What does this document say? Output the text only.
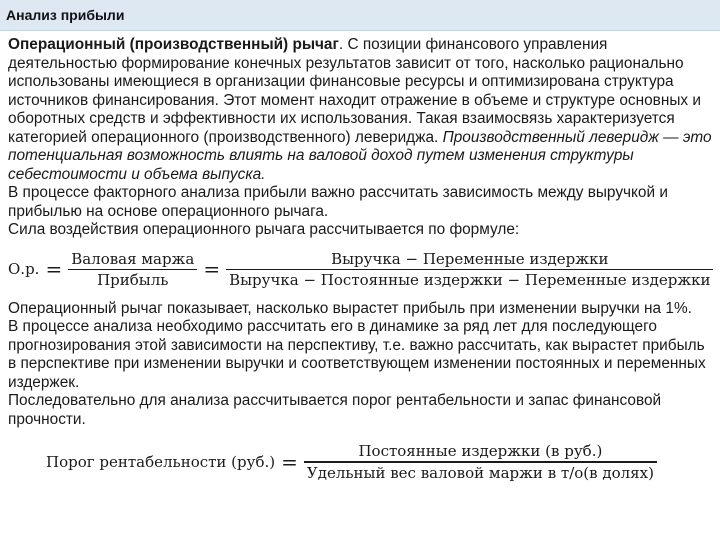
Анализ прибыли

Операционный (производственный) рычаг. С позиции финансового управления деятельностью формирование конечных результатов зависит от того, насколько рационально использованы имеющиеся в организации финансовые ресурсы и оптимизирована структура источников финансирования. Этот момент находит отражение в объеме и структуре основных и оборотных средств и эффективности их использования. Такая взаимосвязь характеризуется категорией операционного (производственного) левериджа. Производственный леверидж — это потенциальная возможность влиять на валовой доход путем изменения структуры себестоимости и объема выпуска.

В процессе факторного анализа прибыли важно рассчитать зависимость между выручкой и прибылью на основе операционного рычага.

Сила воздействия операционного рычага рассчитывается по формуле:

О.р. = $\frac{\text{Валовая маржа}}{\text{Прибыль}} = \frac{\text{Выручка − Переменные издержки}}{\text{Выручка − Постоянные издержки − Переменные издержки}}$

Операционный рычаг показывает, насколько вырастет прибыль при изменении выручки на 1%.

В процессе анализа необходимо рассчитать его в динамике за ряд лет для последующего прогнозирования этой зависимости на перспективу, т.е. важно рассчитать, как вырастет прибыль в перспективе при изменении выручки и соответствующем изменении постоянных и переменных издержек.

Последовательно для анализа рассчитывается порог рентабельности и запас финансовой прочности.

Порог рентабельности $(руб.) = \frac{\text{Постоянные издержки (в руб.)}}{\text{Удельный вес валовой маржи в т/о(в долях)}}$
